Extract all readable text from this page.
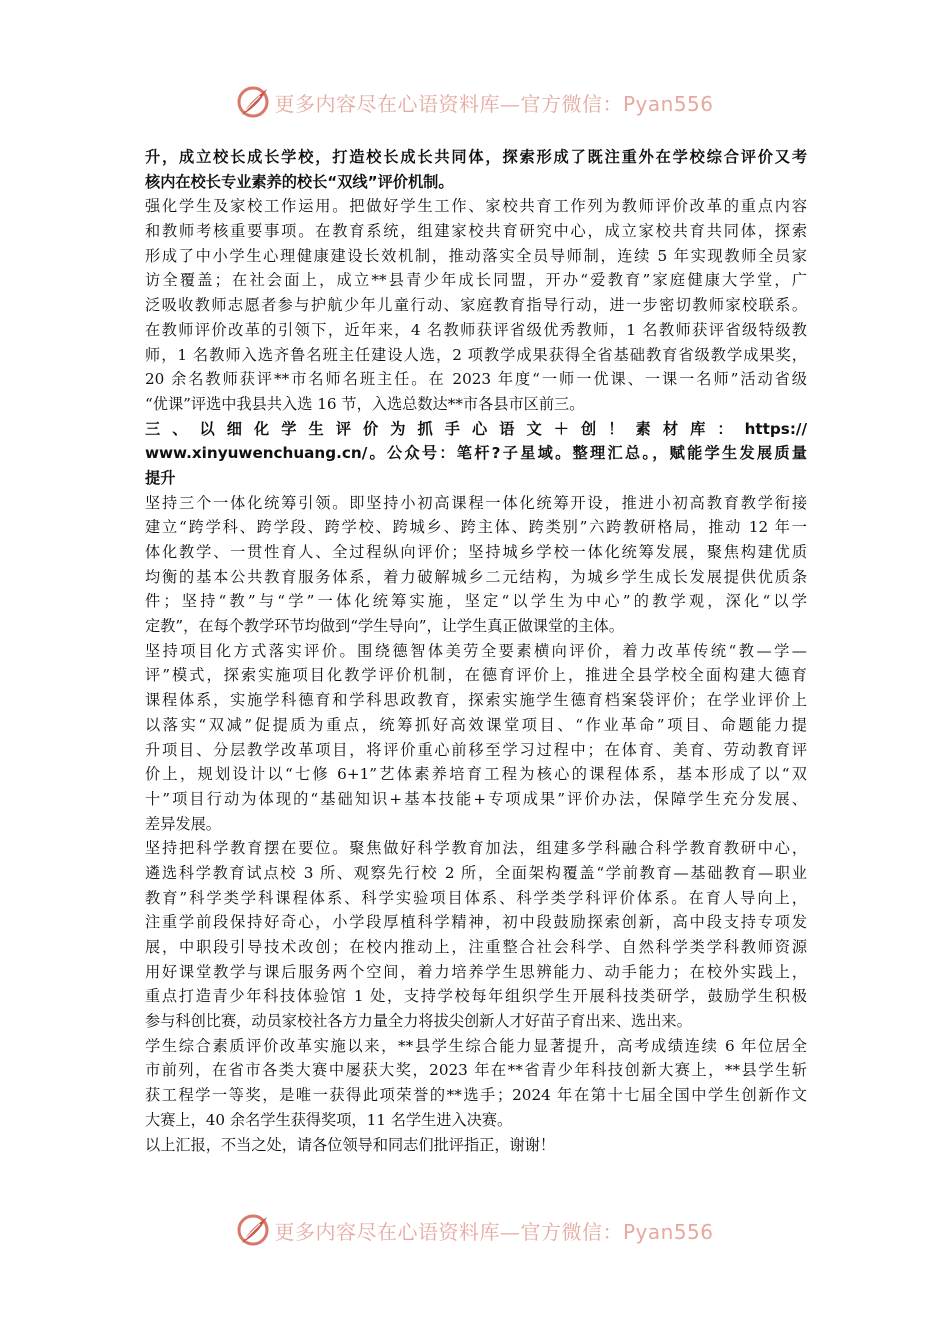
更多内容尽在心语资料库—官方微信：Pyan556
升，成立校长成长学校，打造校长成长共同体，探索形成了既注重外在学校综合评价又考
核内在校长专业素养的校长“双线”评价机制。
强化学生及家校工作运用。把做好学生工作、家校共育工作列为教师评价改革的重点内容
和教师考核重要事项。在教育系统，组建家校共育研究中心，成立家校共育共同体，探索
形成了中小学生心理健康建设长效机制，推动落实全员导师制，连续 5 年实现教师全员家
访全覆盖；在社会面上，成立**县青少年成长同盟，开办“爱教育”家庭健康大学堂，广
泛吸收教师志愿者参与护航少年儿童行动、家庭教育指导行动，进一步密切教师家校联系。
在教师评价改革的引领下，近年来，4 名教师获评省级优秀教师，1 名教师获评省级特级教
师，1 名教师入选齐鲁名班主任建设人选，2 项教学成果获得全省基础教育省级教学成果奖，
20 余名教师获评**市名师名班主任。在 2023 年度“一师一优课、一课一名师”活动省级
“优课”评选中我县共入选 16 节，入选总数达**市各县市区前三。
三 、 以 细 化 学 生 评 价 为 抓 手 心 语 文 ＋ 创 ！ 素 材 库 ： https://
www.xinyuwenchuang.cn/。公众号：笔杆?子星域。整理汇总。，赋能学生发展质量
提升
坚持三个一体化统筹引领。即坚持小初高课程一体化统筹开设，推进小初高教育教学衔接
建立“跨学科、跨学段、跨学校、跨城乡、跨主体、跨类别”六跨教研格局，推动 12 年一
体化教学、一贯性育人、全过程纵向评价；坚持城乡学校一体化统筹发展，聚焦构建优质
均衡的基本公共教育服务体系，着力破解城乡二元结构，为城乡学生成长发展提供优质条
件；坚持“教”与“学”一体化统筹实施，坚定“以学生为中心”的教学观，深化“以学
定教”，在每个教学环节均做到“学生导向”，让学生真正做课堂的主体。
坚持项目化方式落实评价。围绕德智体美劳全要素横向评价，着力改革传统“教—学—
评”模式，探索实施项目化教学评价机制，在德育评价上，推进全县学校全面构建大德育
课程体系，实施学科德育和学科思政教育，探索实施学生德育档案袋评价；在学业评价上
以落实“双减”促提质为重点，统筹抓好高效课堂项目、“作业革命”项目、命题能力提
升项目、分层教学改革项目，将评价重心前移至学习过程中；在体育、美育、劳动教育评
价上，规划设计以“七修 6+1”艺体素养培育工程为核心的课程体系，基本形成了以“双
十”项目行动为体现的“基础知识+基本技能+专项成果”评价办法，保障学生充分发展、
差异发展。
坚持把科学教育摆在要位。聚焦做好科学教育加法，组建多学科融合科学教育教研中心，
遴选科学教育试点校 3 所、观察先行校 2 所，全面架构覆盖“学前教育—基础教育—职业
教育”科学类学科课程体系、科学实验项目体系、科学类学科评价体系。在育人导向上，
注重学前段保持好奇心，小学段厚植科学精神，初中段鼓励探索创新，高中段支持专项发
展，中职段引导技术改创；在校内推动上，注重整合社会科学、自然科学类学科教师资源
用好课堂教学与课后服务两个空间，着力培养学生思辨能力、动手能力；在校外实践上，
重点打造青少年科技体验馆 1 处，支持学校每年组织学生开展科技类研学，鼓励学生积极
参与科创比赛，动员家校社各方力量全力将拔尖创新人才好苗子育出来、选出来。
学生综合素质评价改革实施以来，**县学生综合能力显著提升，高考成绩连续 6 年位居全
市前列，在省市各类大赛中屡获大奖，2023 年在**省青少年科技创新大赛上，**县学生斩
获工程学一等奖，是唯一获得此项荣誉的**选手；2024 年在第十七届全国中学生创新作文
大赛上，40 余名学生获得奖项，11 名学生进入决赛。
以上汇报，不当之处，请各位领导和同志们批评指正，谢谢！
更多内容尽在心语资料库—官方微信：Pyan556
